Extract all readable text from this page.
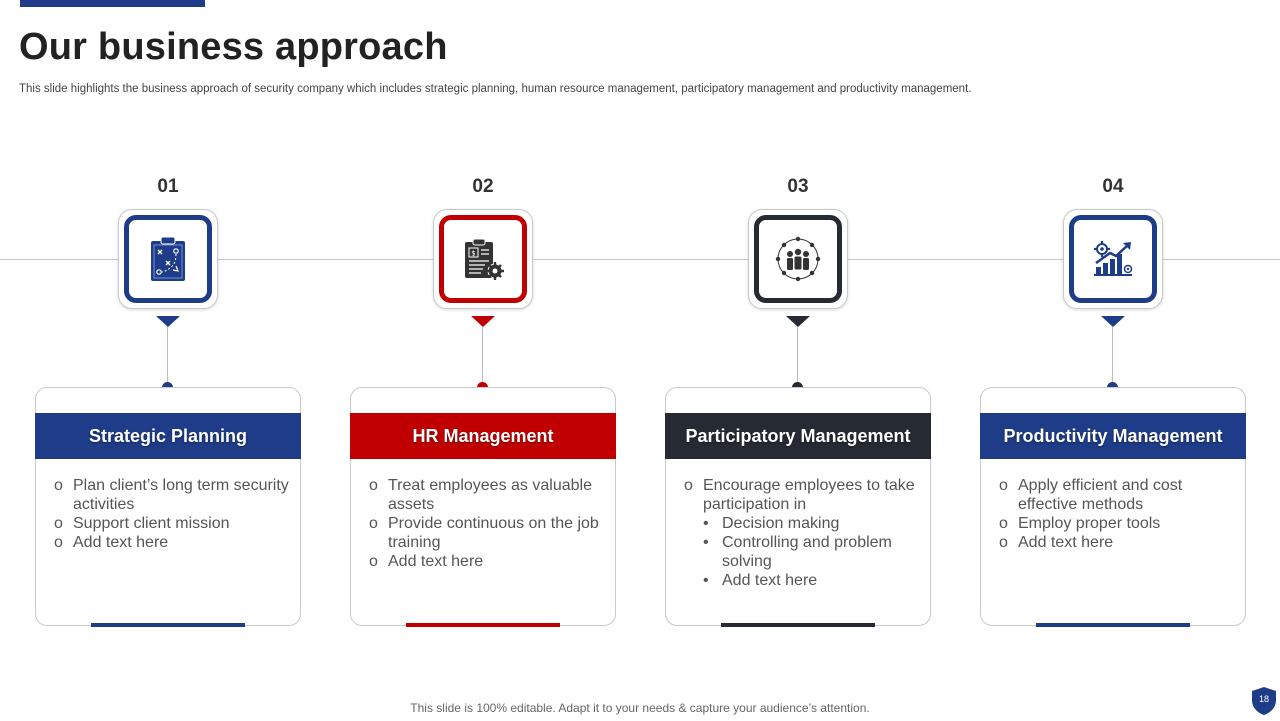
Our business approach

This slide highlights the business approach of security company which includes strategic planning, human resource management, participatory management and productivity management.

01
Strategic Planning
o Plan client’s long term security activities
o Support client mission
o Add text here
02
$
HR Management
o Treat employees as valuable assets
o Provide continuous on the job training
o Add text here
03
Participatory Management
o Encourage employees to take participation in
• Decision making
• Controlling and problem solving
• Add text here
04
Productivity Management
o Apply efficient and cost effective methods
o Employ proper tools
o Add text here
This slide is 100% editable. Adapt it to your needs & capture your audience’s attention.
18
